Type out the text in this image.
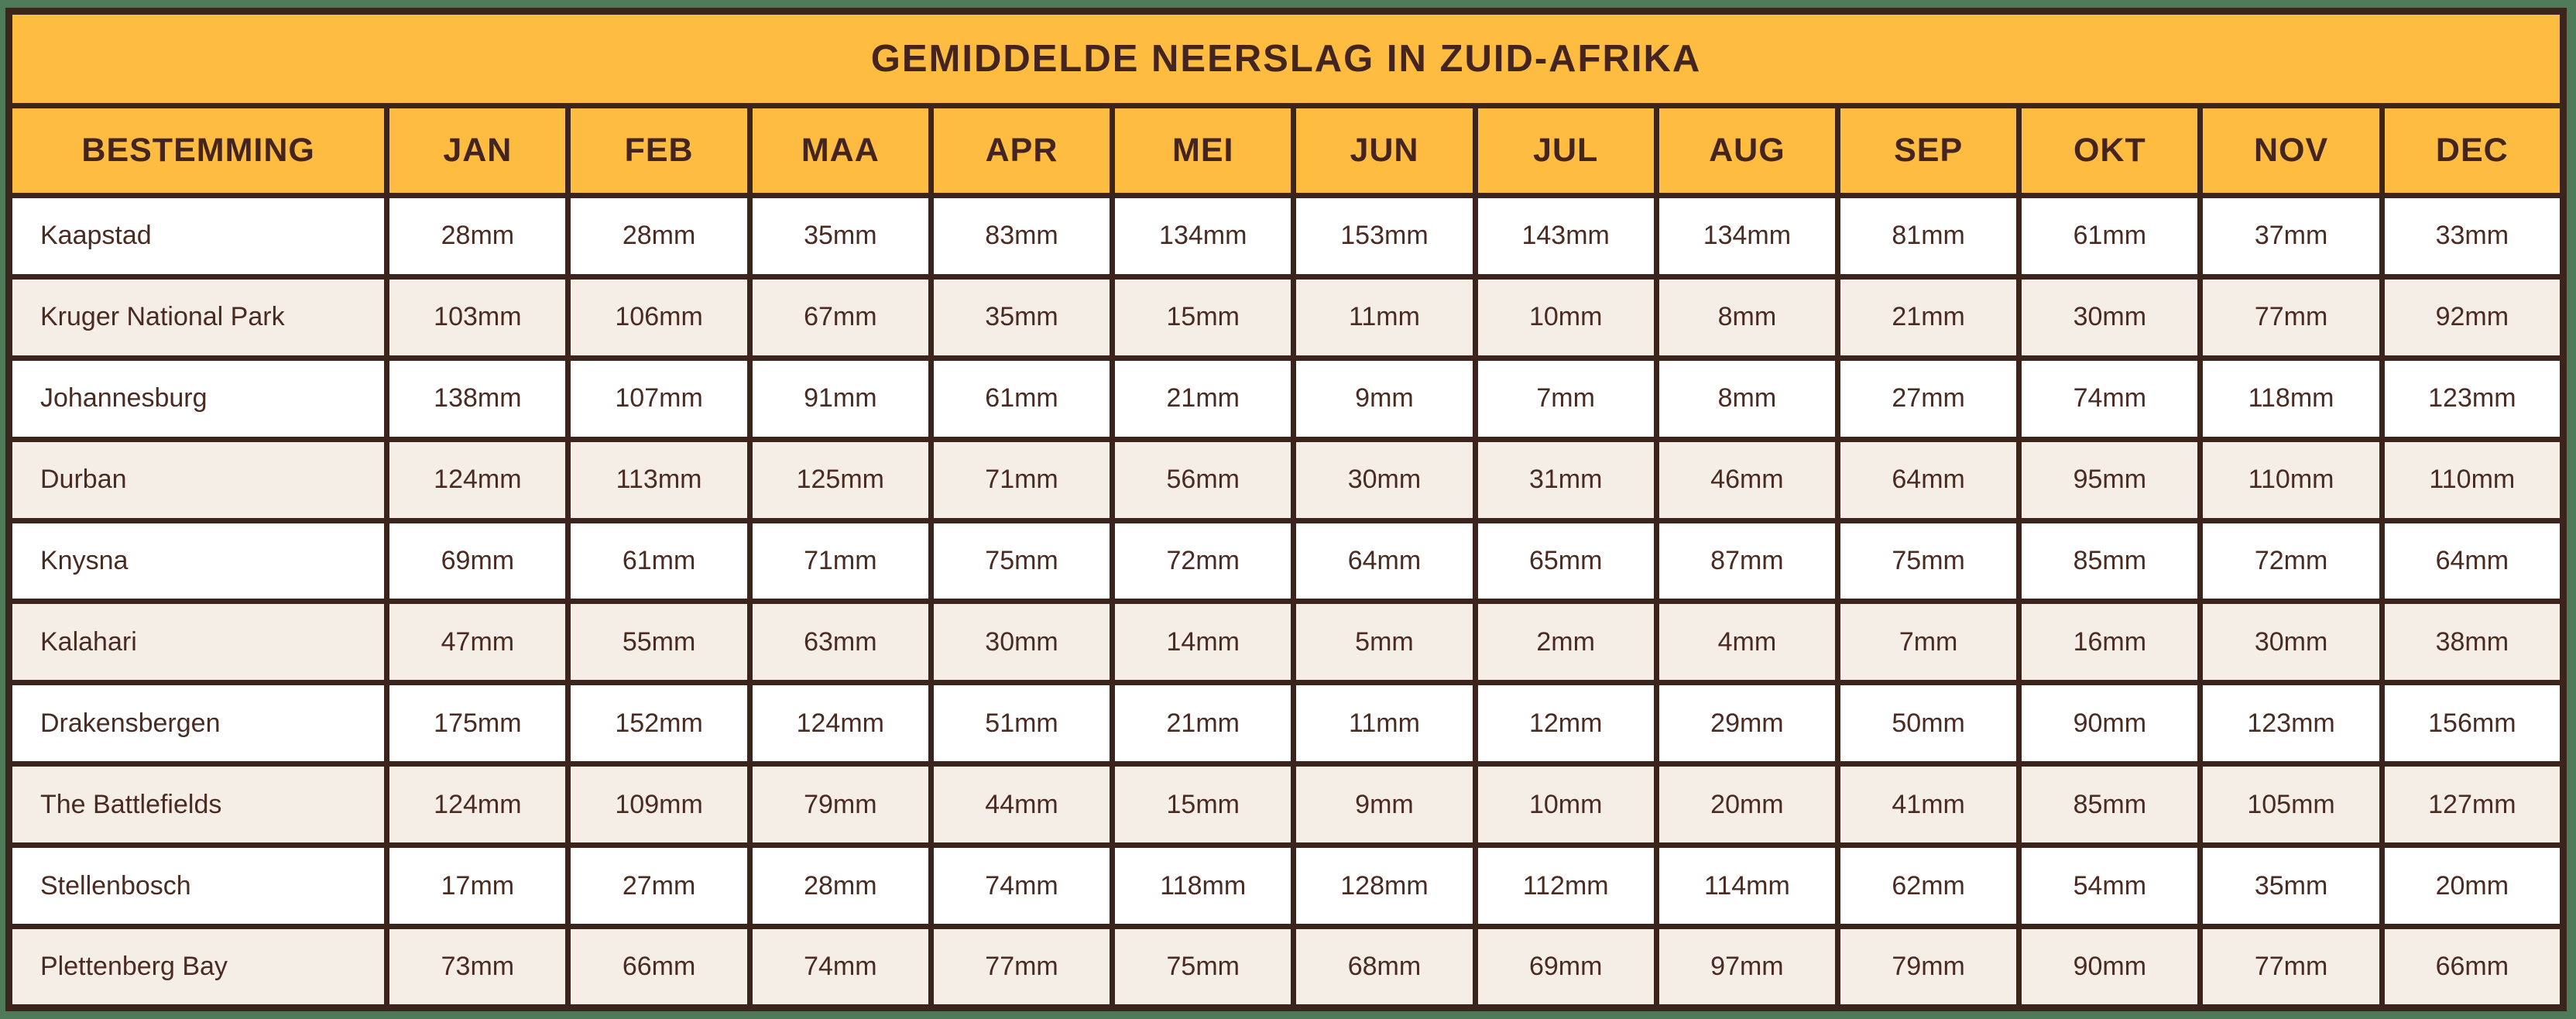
GEMIDDELDE NEERSLAG IN ZUID-AFRIKA												
BESTEMMING	JAN	FEB	MAA	APR	MEI	JUN	JUL	AUG	SEP	OKT	NOV	DEC
Kaapstad	28mm	28mm	35mm	83mm	134mm	153mm	143mm	134mm	81mm	61mm	37mm	33mm
Kruger National Park	103mm	106mm	67mm	35mm	15mm	11mm	10mm	8mm	21mm	30mm	77mm	92mm
Johannesburg	138mm	107mm	91mm	61mm	21mm	9mm	7mm	8mm	27mm	74mm	118mm	123mm
Durban	124mm	113mm	125mm	71mm	56mm	30mm	31mm	46mm	64mm	95mm	110mm	110mm
Knysna	69mm	61mm	71mm	75mm	72mm	64mm	65mm	87mm	75mm	85mm	72mm	64mm
Kalahari	47mm	55mm	63mm	30mm	14mm	5mm	2mm	4mm	7mm	16mm	30mm	38mm
Drakensbergen	175mm	152mm	124mm	51mm	21mm	11mm	12mm	29mm	50mm	90mm	123mm	156mm
The Battlefields	124mm	109mm	79mm	44mm	15mm	9mm	10mm	20mm	41mm	85mm	105mm	127mm
Stellenbosch	17mm	27mm	28mm	74mm	118mm	128mm	112mm	114mm	62mm	54mm	35mm	20mm
Plettenberg Bay	73mm	66mm	74mm	77mm	75mm	68mm	69mm	97mm	79mm	90mm	77mm	66mm
